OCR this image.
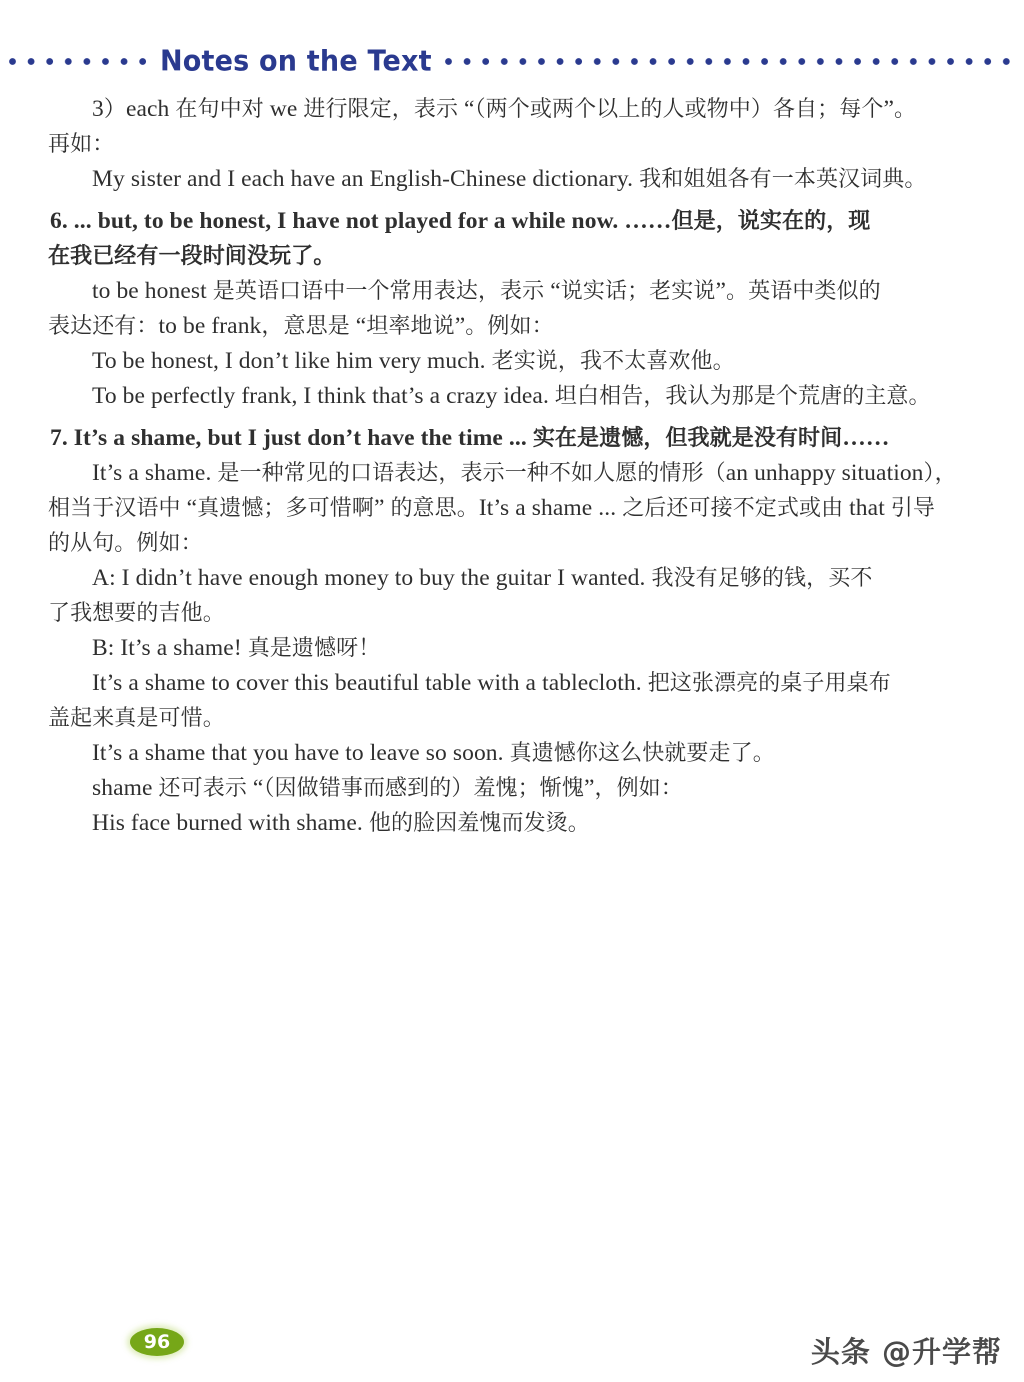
Notes on the Text
3）each 在句中对 we 进行限定，表示 “（两个或两个以上的人或物中）各自；每个”。
再如：
My sister and I each have an English-Chinese dictionary. 我和姐姐各有一本英汉词典。
6. ... but, to be honest, I have not played for a while now. ……但是，说实在的，现
在我已经有一段时间没玩了。
to be honest 是英语口语中一个常用表达，表示 “说实话；老实说”。英语中类似的
表达还有：to be frank，意思是 “坦率地说”。例如：
To be honest, I don’t like him very much. 老实说，我不太喜欢他。
To be perfectly frank, I think that’s a crazy idea. 坦白相告，我认为那是个荒唐的主意。
7. It’s a shame, but I just don’t have the time ... 实在是遗憾，但我就是没有时间……
It’s a shame. 是一种常见的口语表达，表示一种不如人愿的情形（an unhappy situation），
相当于汉语中 “真遗憾；多可惜啊” 的意思。It’s a shame ... 之后还可接不定式或由 that 引导
的从句。例如：
A: I didn’t have enough money to buy the guitar I wanted. 我没有足够的钱，买不
了我想要的吉他。
B: It’s a shame! 真是遗憾呀！
It’s a shame to cover this beautiful table with a tablecloth. 把这张漂亮的桌子用桌布
盖起来真是可惜。
It’s a shame that you have to leave so soon. 真遗憾你这么快就要走了。
shame 还可表示 “（因做错事而感到的）羞愧；惭愧”，例如：
His face burned with shame. 他的脸因羞愧而发烫。
96	头条 @升学帮
